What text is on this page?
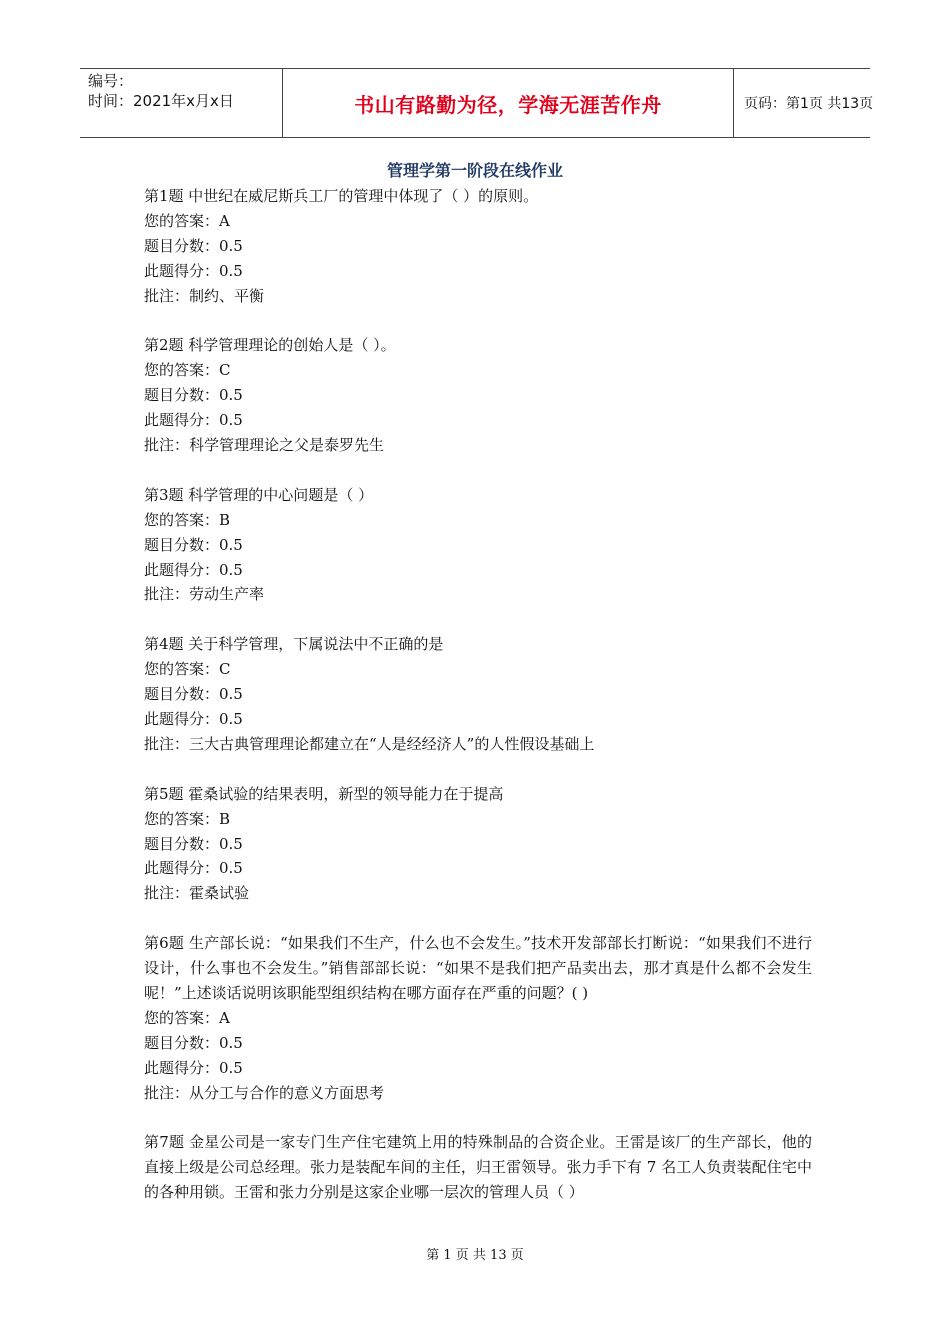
编号：
时间：2021年x月x日	书山有路勤为径，学海无涯苦作舟	页码：第1页 共13页
管理学第一阶段在线作业
第1题 中世纪在威尼斯兵工厂的管理中体现了（ ）的原则。
您的答案：A
题目分数：0.5
此题得分：0.5
批注：制约、平衡
第2题 科学管理理论的创始人是（ ）。
您的答案：C
题目分数：0.5
此题得分：0.5
批注：科学管理理论之父是泰罗先生
第3题 科学管理的中心问题是（ ）
您的答案：B
题目分数：0.5
此题得分：0.5
批注：劳动生产率
第4题 关于科学管理，下属说法中不正确的是
您的答案：C
题目分数：0.5
此题得分：0.5
批注：三大古典管理理论都建立在“人是经经济人”的人性假设基础上
第5题 霍桑试验的结果表明，新型的领导能力在于提高
您的答案：B
题目分数：0.5
此题得分：0.5
批注：霍桑试验
第6题 生产部长说：“如果我们不生产，什么也不会发生。”技术开发部部长打断说：“如果我们不进行设计，什么事也不会发生。”销售部部长说：“如果不是我们把产品卖出去，那才真是什么都不会发生呢！”上述谈话说明该职能型组织结构在哪方面存在严重的问题？( )
您的答案：A
题目分数：0.5
此题得分：0.5
批注：从分工与合作的意义方面思考
第7题 金星公司是一家专门生产住宅建筑上用的特殊制品的合资企业。王雷是该厂的生产部长，他的直接上级是公司总经理。张力是装配车间的主任，归王雷领导。张力手下有 7 名工人负责装配住宅中的各种用锁。王雷和张力分别是这家企业哪一层次的管理人员（ ）
第 1 页 共 13 页
